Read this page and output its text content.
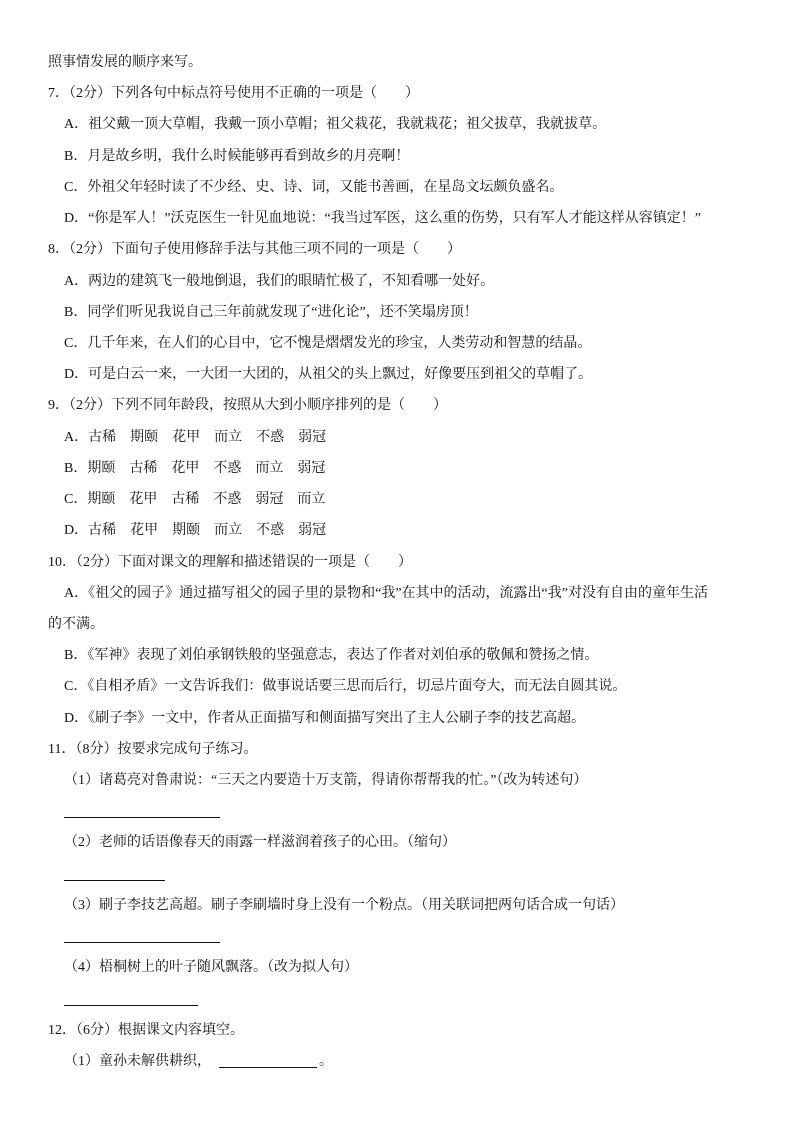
照事情发展的顺序来写。
7．（2分）下列各句中标点符号使用不正确的一项是（　　）
A．祖父戴一顶大草帽，我戴一顶小草帽；祖父栽花，我就栽花；祖父拔草，我就拔草。
B．月是故乡明，我什么时候能够再看到故乡的月亮啊！
C．外祖父年轻时读了不少经、史、诗、词，又能书善画，在星岛文坛颇负盛名。
D．“你是军人！”沃克医生一针见血地说：“我当过军医，这么重的伤势，只有军人才能这样从容镇定！”
8．（2分）下面句子使用修辞手法与其他三项不同的一项是（　　）
A．两边的建筑飞一般地倒退，我们的眼睛忙极了，不知看哪一处好。
B．同学们听见我说自己三年前就发现了“进化论”，还不笑塌房顶！
C．几千年来，在人们的心目中，它不愧是熠熠发光的珍宝，人类劳动和智慧的结晶。
D．可是白云一来，一大团一大团的，从祖父的头上飘过，好像要压到祖父的草帽了。
9．（2分）下列不同年龄段，按照从大到小顺序排列的是（　　）
A．古稀 期颐 花甲 而立 不惑 弱冠
B．期颐 古稀 花甲 不惑 而立 弱冠
C．期颐 花甲 古稀 不惑 弱冠 而立
D．古稀 花甲 期颐 而立 不惑 弱冠
10．（2分）下面对课文的理解和描述错误的一项是（　　）
A．《祖父的园子》通过描写祖父的园子里的景物和“我”在其中的活动，流露出“我”对没有自由的童年生活
的不满。
B．《军神》表现了刘伯承钢铁般的坚强意志，表达了作者对刘伯承的敬佩和赞扬之情。
C．《自相矛盾》一文告诉我们：做事说话要三思而后行，切忌片面夸大，而无法自圆其说。
D．《刷子李》一文中，作者从正面描写和侧面描写突出了主人公刷子李的技艺高超。
11．（8分）按要求完成句子练习。
（1）诸葛亮对鲁肃说：“三天之内要造十万支箭，得请你帮帮我的忙。”（改为转述句）
（2）老师的话语像春天的雨露一样滋润着孩子的心田。（缩句）
（3）刷子李技艺高超。刷子李刷墙时身上没有一个粉点。（用关联词把两句话合成一句话）
（4）梧桐树上的叶子随风飘落。（改为拟人句）
12．（6分）根据课文内容填空。
（1）童孙未解供耕织，	。
